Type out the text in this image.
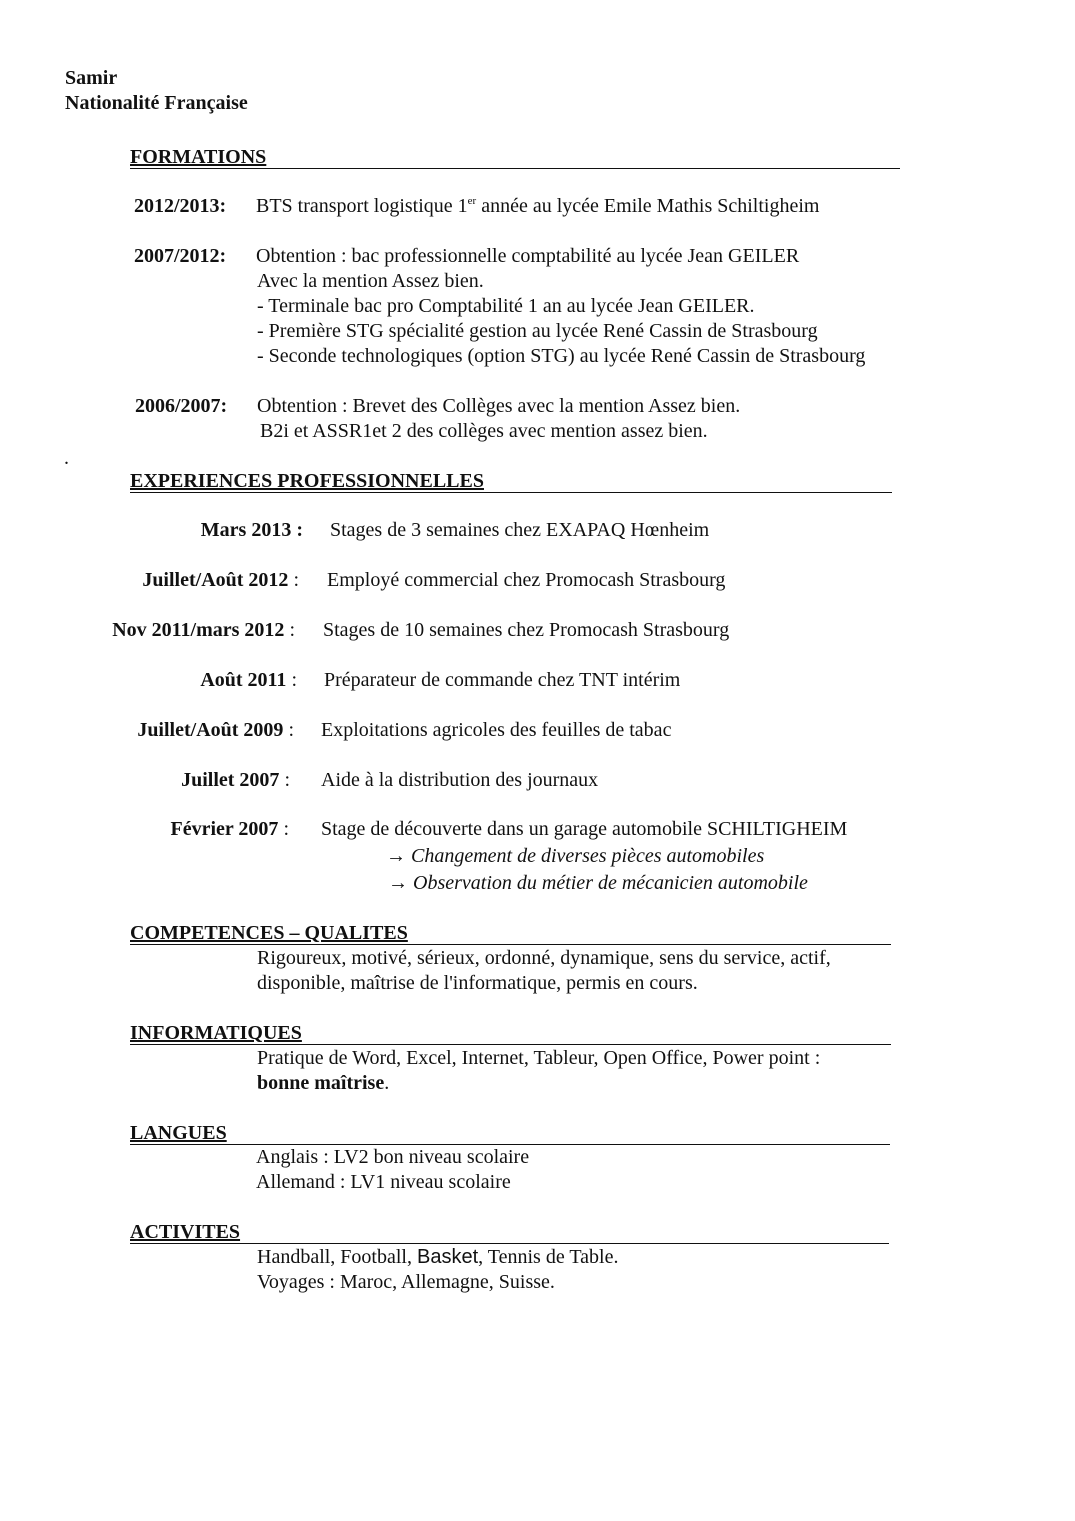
Samir
Nationalité Française
FORMATIONS
2012/2013: BTS transport logistique 1er année au lycée Emile Mathis Schiltigheim
2007/2012: Obtention : bac professionnelle comptabilité au lycée Jean GEILER
Avec la mention Assez bien.
- Terminale bac pro Comptabilité 1 an au lycée Jean GEILER.
- Première STG spécialité gestion au lycée René Cassin de Strasbourg
- Seconde technologiques (option STG) au lycée René Cassin de Strasbourg
2006/2007: Obtention : Brevet des Collèges avec la mention Assez bien.
B2i et ASSR1et 2 des collèges avec mention assez bien.
.
EXPERIENCES PROFESSIONNELLES
Mars 2013 : Stages de 3 semaines chez EXAPAQ Hœnheim
Juillet/Août 2012 : Employé commercial chez Promocash Strasbourg
Nov 2011/mars 2012 : Stages de 10 semaines chez Promocash Strasbourg
Août 2011 : Préparateur de commande chez TNT intérim
Juillet/Août 2009 : Exploitations agricoles des feuilles de tabac
Juillet 2007 : Aide à la distribution des journaux
Février 2007 : Stage de découverte dans un garage automobile SCHILTIGHEIM
→ Changement de diverses pièces automobiles
→ Observation du métier de mécanicien automobile
COMPETENCES – QUALITES
Rigoureux, motivé, sérieux, ordonné, dynamique, sens du service, actif,
disponible, maîtrise de l'informatique, permis en cours.
INFORMATIQUES
Pratique de Word, Excel, Internet, Tableur, Open Office, Power point :
bonne maîtrise.
LANGUES
Anglais : LV2 bon niveau scolaire
Allemand : LV1 niveau scolaire
ACTIVITES
Handball, Football, Basket, Tennis de Table.
Voyages : Maroc, Allemagne, Suisse.
